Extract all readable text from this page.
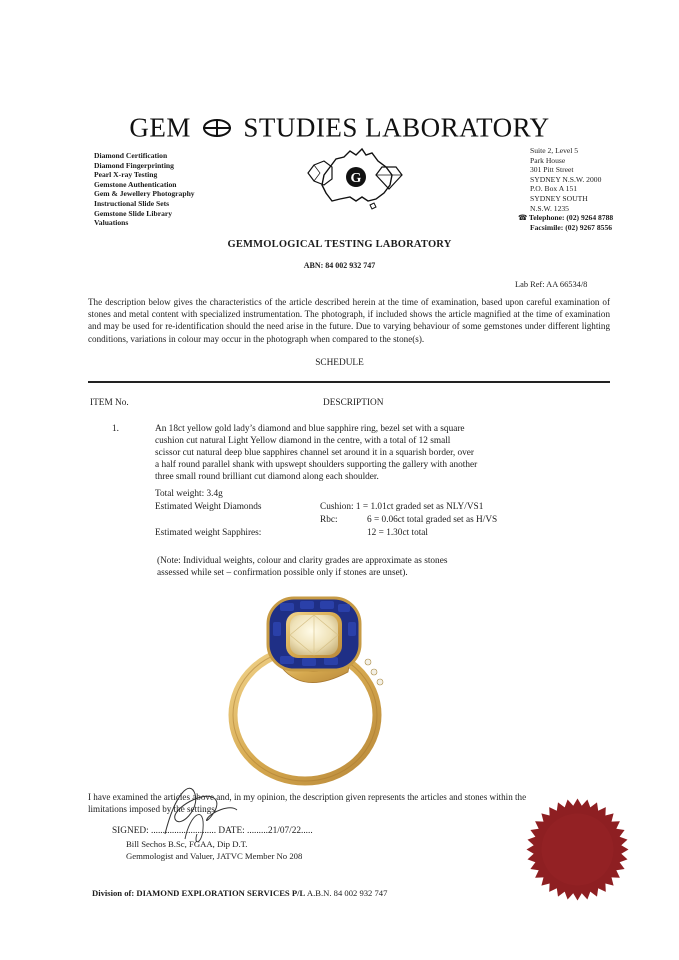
GEM STUDIES LABORATORY
Diamond Certification
Diamond Fingerprinting
Pearl X-ray Testing
Gemstone Authentication
Gem & Jewellery Photography
Instructional Slide Sets
Gemstone Slide Library
Valuations
G
Suite 2, Level 5
Park House
301 Pitt Street
SYDNEY N.S.W. 2000
P.O. Box A 151
SYDNEY SOUTH
N.S.W. 1235
☎ Telephone: (02) 9264 8788
Facsimile: (02) 9267 8556
GEMMOLOGICAL TESTING LABORATORY
ABN: 84 002 932 747
Lab Ref: AA 66534/8
The description below gives the characteristics of the article described herein at the time of examination, based upon careful examination of stones and metal content with specialized instrumentation. The photograph, if included shows the article magnified at the time of examination and may be used for re-identification should the need arise in the future. Due to varying behaviour of some gemstones under different lighting conditions, variations in colour may occur in the photograph when compared to the stone(s).
SCHEDULE
ITEM No.	DESCRIPTION
1.	An 18ct yellow gold lady’s diamond and blue sapphire ring, bezel set with a square
cushion cut natural Light Yellow diamond in the centre, with a total of 12 small
scissor cut natural deep blue sapphires channel set around it in a squarish border, over
a half round parallel shank with upswept shoulders supporting the gallery with another
three small round brilliant cut diamond along each shoulder.
Total weight: 3.4g
Estimated Weight Diamonds	Cushion: 1 = 1.01ct graded set as NLY/VS1
Rbc:	6 = 0.06ct total graded set as H/VS
Estimated weight Sapphires:	12 = 1.30ct total
(Note: Individual weights, colour and clarity grades are approximate as stones
assessed while set – confirmation possible only if stones are unset).
I have examined the articles above and, in my opinion, the description given represents the articles and stones within the
limitations imposed by the settings.
SIGNED: ............................ DATE: .........21/07/22.....
Bill Sechos B.Sc, FGAA, Dip D.T.
Gemmologist and Valuer, JATVC Member No 208
Division of: DIAMOND EXPLORATION SERVICES P/L A.B.N. 84 002 932 747
